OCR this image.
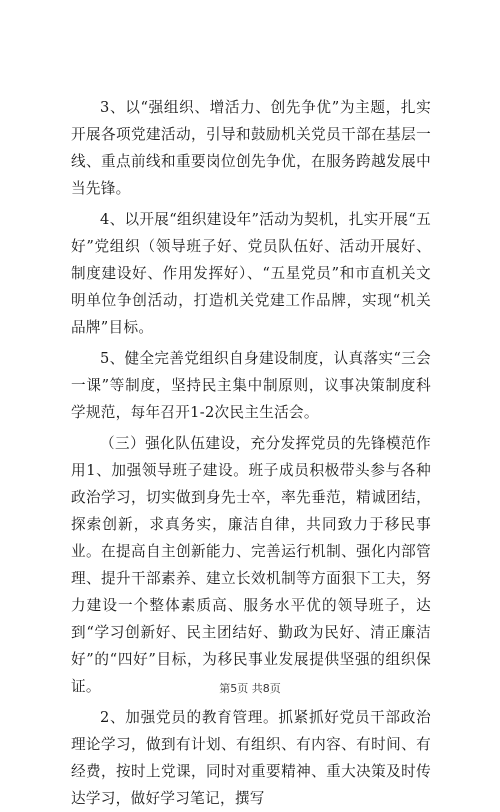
3、以“强组织、增活力、创先争优”为主题，扎实开展各项党建活动，引导和鼓励机关党员干部在基层一线、重点前线和重要岗位创先争优，在服务跨越发展中当先锋。

4、以开展“组织建设年”活动为契机，扎实开展“五好”党组织（领导班子好、党员队伍好、活动开展好、制度建设好、作用发挥好）、“五星党员”和市直机关文明单位争创活动，打造机关党建工作品牌，实现“机关品牌”目标。

5、健全完善党组织自身建设制度，认真落实“三会一课”等制度，坚持民主集中制原则，议事决策制度科学规范，每年召开1-2次民主生活会。

（三）强化队伍建设，充分发挥党员的先锋模范作用1、加强领导班子建设。班子成员积极带头参与各种政治学习，切实做到身先士卒，率先垂范，精诚团结，探索创新，求真务实，廉洁自律，共同致力于移民事业。在提高自主创新能力、完善运行机制、强化内部管理、提升干部素养、建立长效机制等方面狠下工夫，努力建设一个整体素质高、服务水平优的领导班子，达到“学习创新好、民主团结好、勤政为民好、清正廉洁好”的“四好”目标，为移民事业发展提供坚强的组织保证。

2、加强党员的教育管理。抓紧抓好党员干部政治理论学习，做到有计划、有组织、有内容、有时间、有经费，按时上党课，同时对重要精神、重大决策及时传达学习，做好学习笔记，撰写

第5页 共8页
